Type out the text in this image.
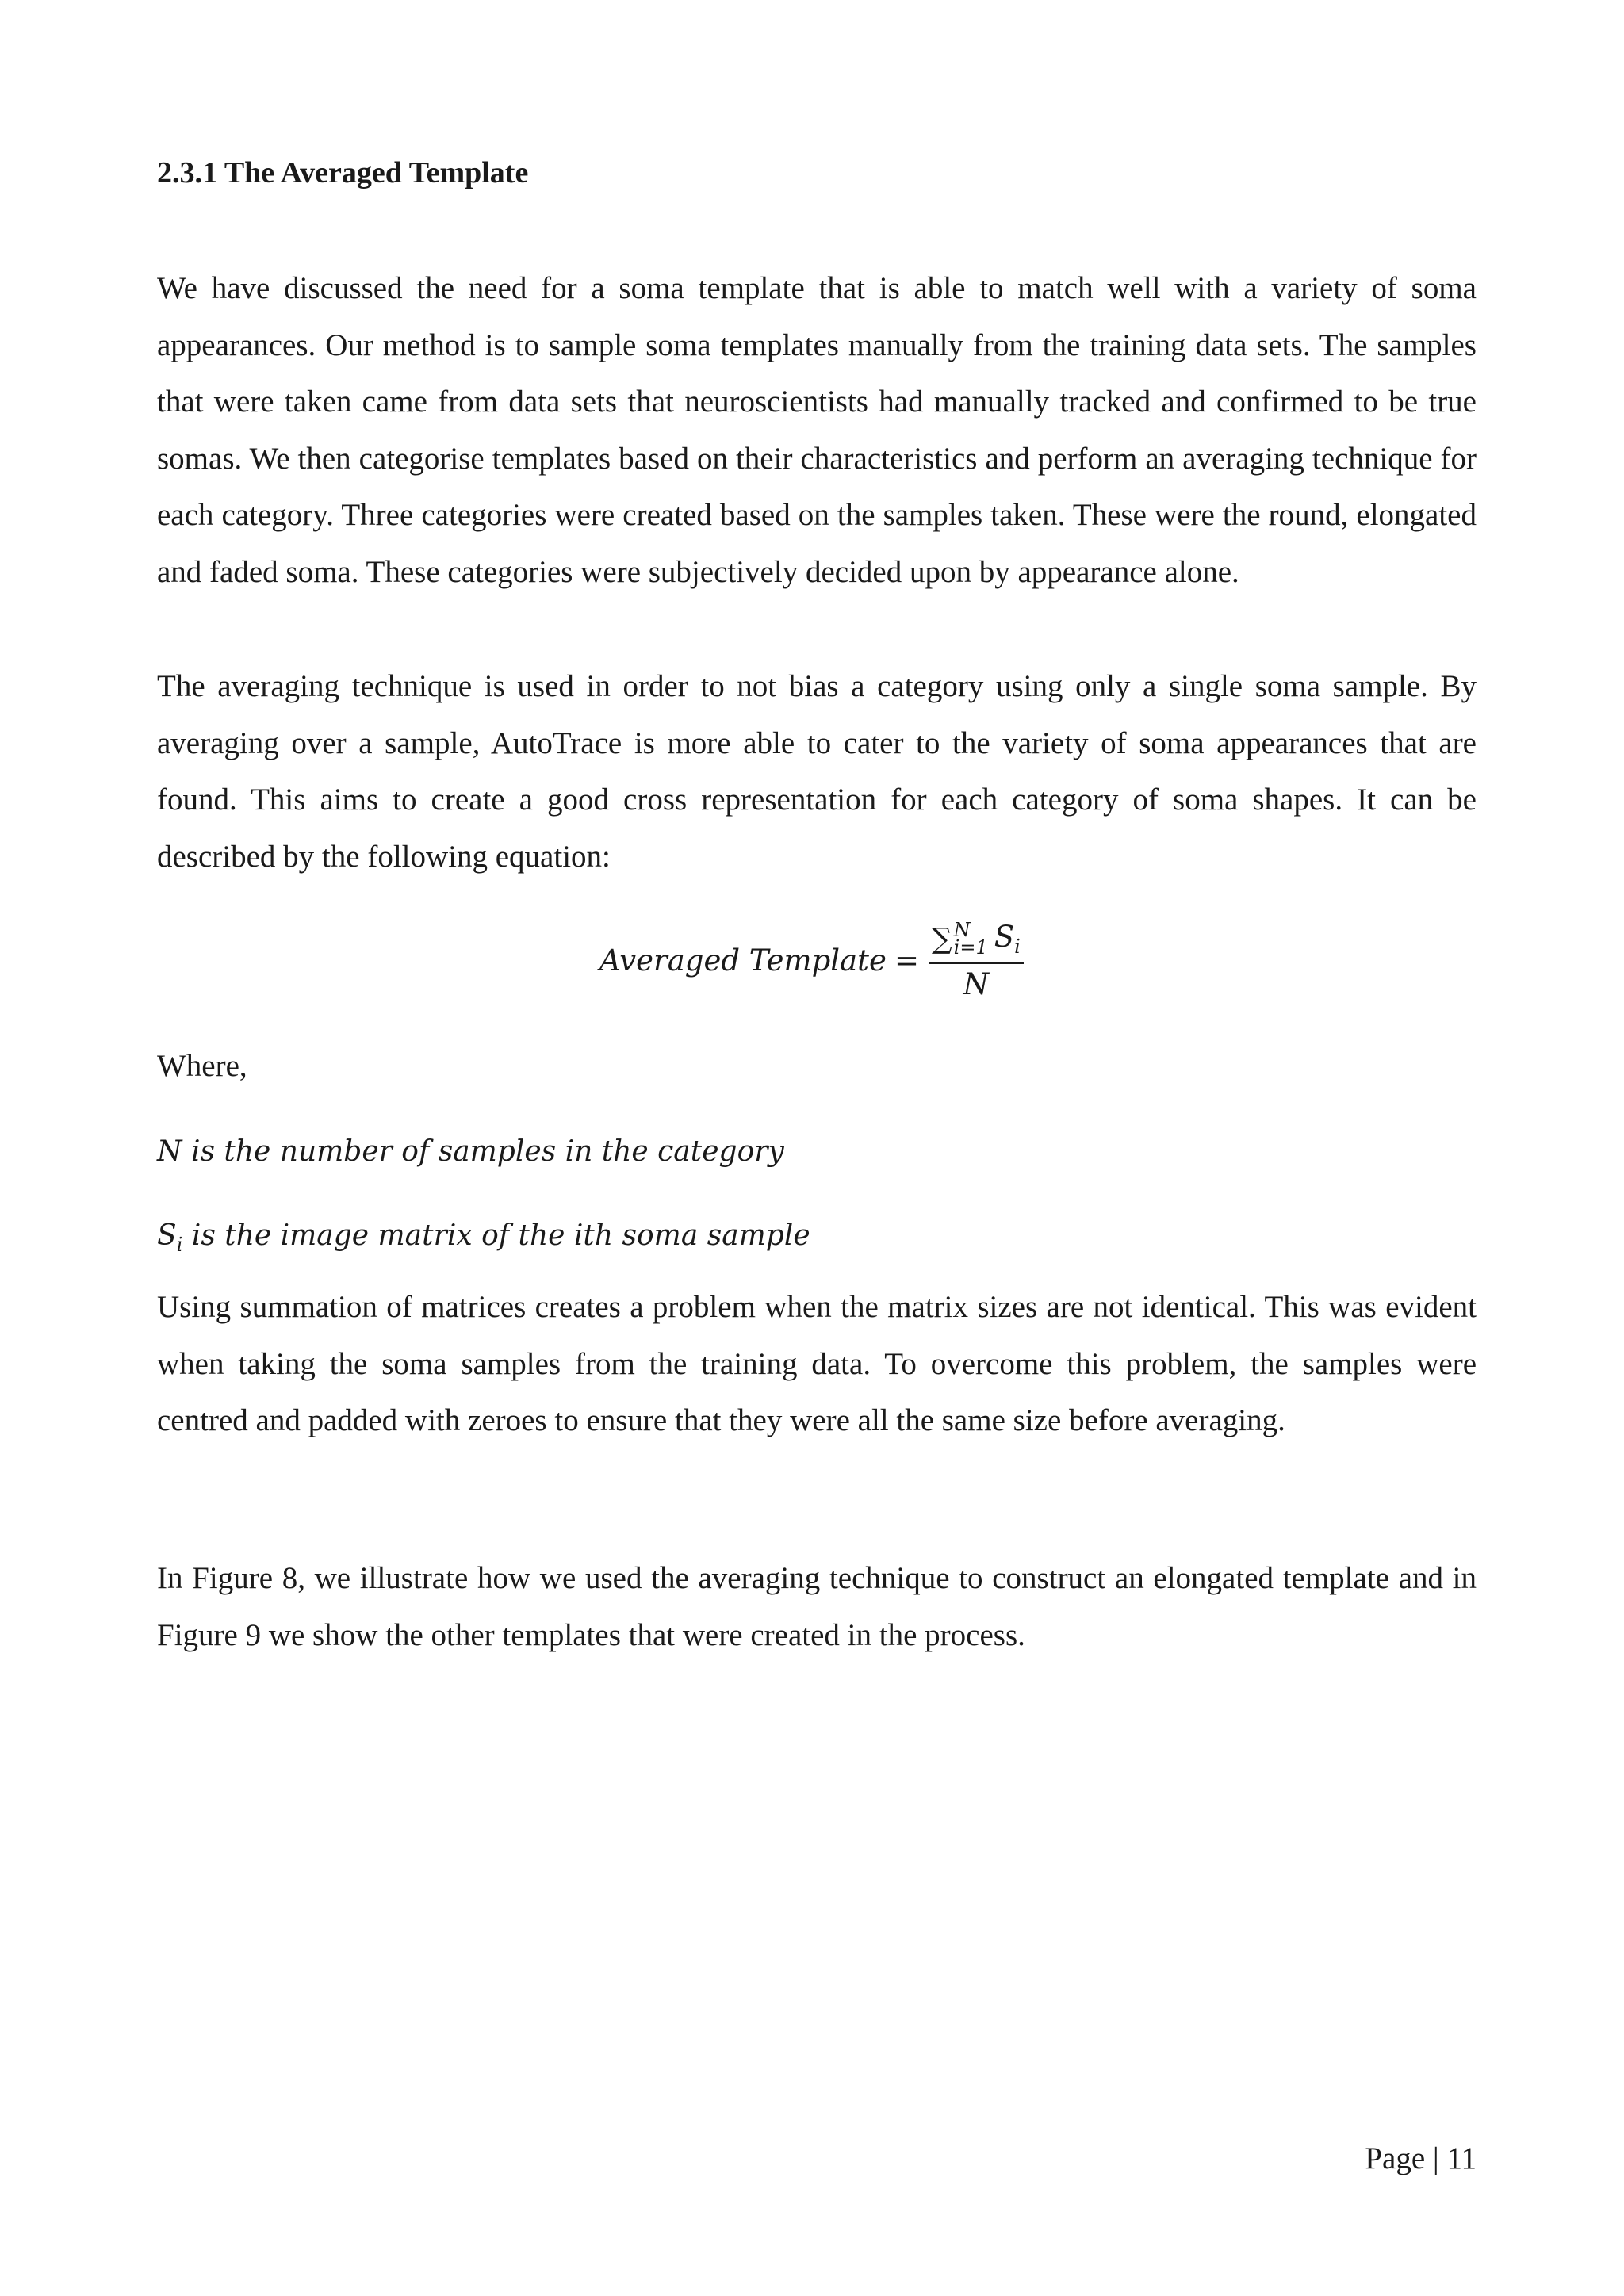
2.3.1 The Averaged Template

We have discussed the need for a soma template that is able to match well with a variety of soma appearances. Our method is to sample soma templates manually from the training data sets. The samples that were taken came from data sets that neuroscientists had manually tracked and confirmed to be true somas. We then categorise templates based on their characteristics and perform an averaging technique for each category. Three categories were created based on the samples taken. These were the round, elongated and faded soma. These categories were subjectively decided upon by appearance alone.

The averaging technique is used in order to not bias a category using only a single soma sample. By averaging over a sample, AutoTrace is more able to cater to the variety of soma appearances that are found. This aims to create a good cross representation for each category of soma shapes. It can be described by the following equation:

Averaged Template = ∑ N
i=1 $S_i$
N

Where,

N is the number of samples in the category

$S_i$ is the image matrix of the ith soma sample

Using summation of matrices creates a problem when the matrix sizes are not identical. This was evident when taking the soma samples from the training data. To overcome this problem, the samples were centred and padded with zeroes to ensure that they were all the same size before averaging.

In Figure 8, we illustrate how we used the averaging technique to construct an elongated template and in Figure 9 we show the other templates that were created in the process.

Page | 11
